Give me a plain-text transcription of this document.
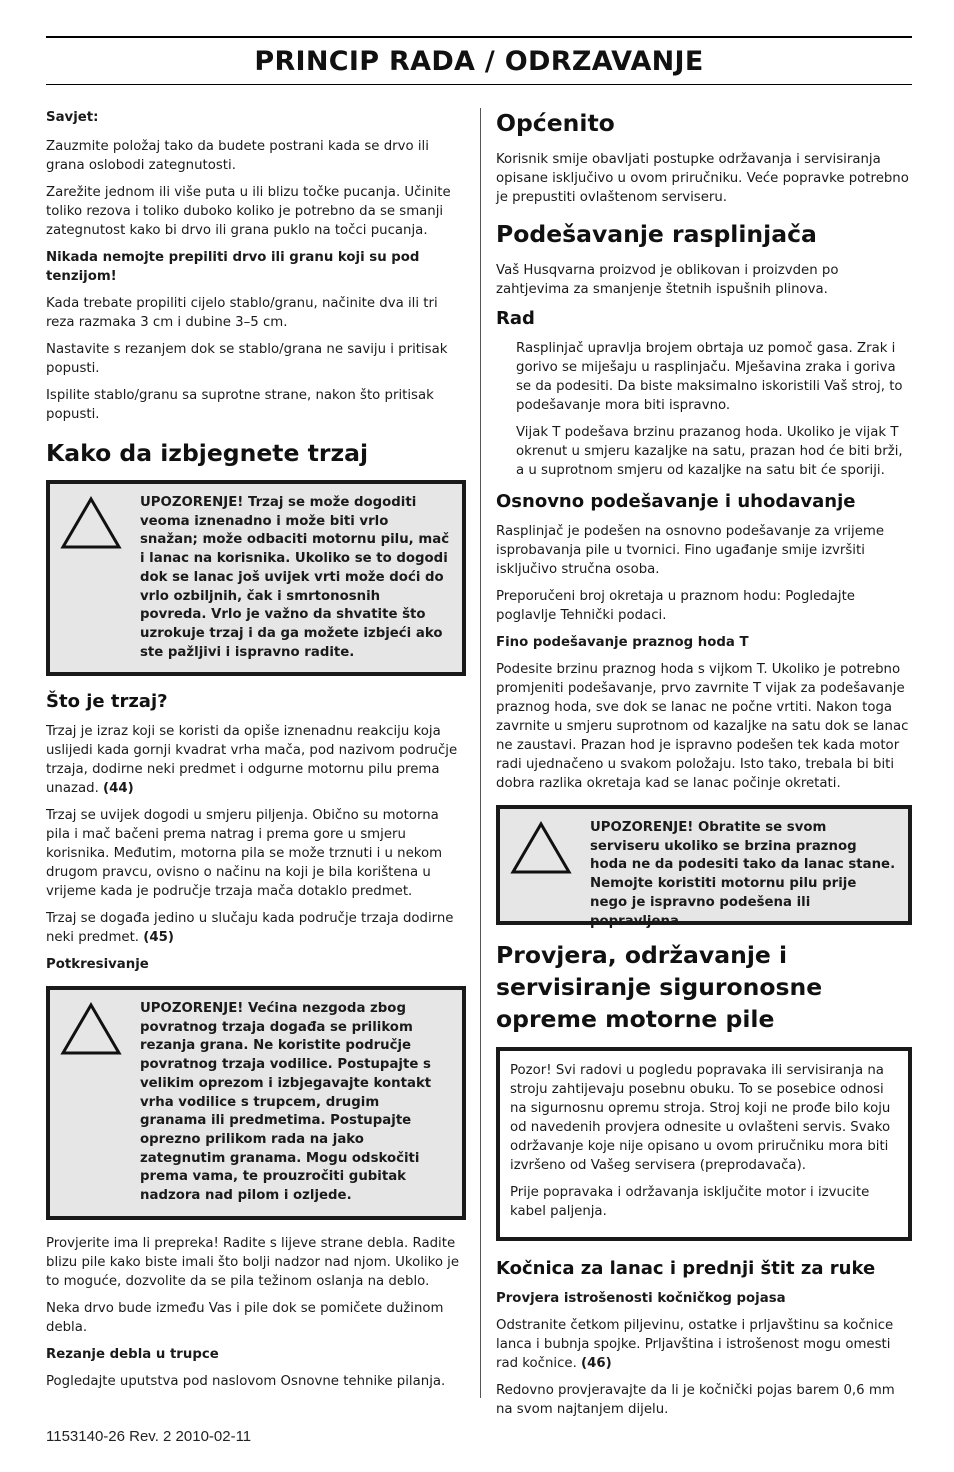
PRINCIP RADA / ODRZAVANJE

Savjet:

Zauzmite položaj tako da budete postrani kada se drvo ili grana oslobodi zategnutosti.

Zarežite jednom ili više puta u ili blizu točke pucanja. Učinite toliko rezova i toliko duboko koliko je potrebno da se smanji zategnutost kako bi drvo ili grana puklo na točci pucanja.

Nikada nemojte prepiliti drvo ili granu koji su pod tenzijom!

Kada trebate propiliti cijelo stablo/granu, načinite dva ili tri reza razmaka 3 cm i dubine 3–5 cm.

Nastavite s rezanjem dok se stablo/grana ne saviju i pritisak popusti.

Ispilite stablo/granu sa suprotne strane, nakon što pritisak popusti.

Kako da izbjegnete trzaj

UPOZORENJE! Trzaj se može dogoditi veoma iznenadno i može biti vrlo snažan; može odbaciti motornu pilu, mač i lanac na korisnika. Ukoliko se to dogodi dok se lanac još uvijek vrti može doći do vrlo ozbiljnih, čak i smrtonosnih povreda. Vrlo je važno da shvatite što uzrokuje trzaj i da ga možete izbjeći ako ste pažljivi i ispravno radite.

Što je trzaj?

Trzaj je izraz koji se koristi da opiše iznenadnu reakciju koja uslijedi kada gornji kvadrat vrha mača, pod nazivom područje trzaja, dodirne neki predmet i odgurne motornu pilu prema unazad. (44)

Trzaj se uvijek dogodi u smjeru piljenja. Obično su motorna pila i mač bačeni prema natrag i prema gore u smjeru korisnika. Međutim, motorna pila se može trznuti i u nekom drugom pravcu, ovisno o načinu na koji je bila korištena u vrijeme kada je područje trzaja mača dotaklo predmet.

Trzaj se događa jedino u slučaju kada područje trzaja dodirne neki predmet. (45)

Potkresivanje

UPOZORENJE! Većina nezgoda zbog povratnog trzaja događa se prilikom rezanja grana. Ne koristite područje povratnog trzaja vodilice. Postupajte s velikim oprezom i izbjegavajte kontakt vrha vodilice s trupcem, drugim granama ili predmetima. Postupajte oprezno prilikom rada na jako zategnutim granama. Mogu odskočiti prema vama, te prouzročiti gubitak nadzora nad pilom i ozljede.

Provjerite ima li prepreka! Radite s lijeve strane debla. Radite blizu pile kako biste imali što bolji nadzor nad njom. Ukoliko je to moguće, dozvolite da se pila težinom oslanja na deblo.

Neka drvo bude između Vas i pile dok se pomičete dužinom debla.

Rezanje debla u trupce

Pogledajte uputstva pod naslovom Osnovne tehnike pilanja.

Općenito

Korisnik smije obavljati postupke održavanja i servisiranja opisane isključivo u ovom priručniku. Veće popravke potrebno je prepustiti ovlaštenom serviseru.

Podešavanje rasplinjača

Vaš Husqvarna proizvod je oblikovan i proizvden po zahtjevima za smanjenje štetnih ispušnih plinova.

Rad

Rasplinjač upravlja brojem obrtaja uz pomoč gasa. Zrak i gorivo se miješaju u rasplinjaču. Mješavina zraka i goriva se da podesiti. Da biste maksimalno iskoristili Vaš stroj, to podešavanje mora biti ispravno.

Vijak T podešava brzinu prazanog hoda. Ukoliko je vijak T okrenut u smjeru kazaljke na satu, prazan hod će biti brži, a u suprotnom smjeru od kazaljke na satu bit će sporiji.

Osnovno podešavanje i uhodavanje

Rasplinjač je podešen na osnovno podešavanje za vrijeme isprobavanja pile u tvornici. Fino ugađanje smije izvršiti isključivo stručna osoba.

Preporučeni broj okretaja u praznom hodu: Pogledajte poglavlje Tehnički podaci.

Fino podešavanje praznog hoda T

Podesite brzinu praznog hoda s vijkom T. Ukoliko je potrebno promjeniti podešavanje, prvo zavrnite T vijak za podešavanje praznog hoda, sve dok se lanac ne počne vrtiti. Nakon toga zavrnite u smjeru suprotnom od kazaljke na satu dok se lanac ne zaustavi. Prazan hod je ispravno podešen tek kada motor radi ujednačeno u svakom položaju. Isto tako, trebala bi biti dobra razlika okretaja kad se lanac počinje okretati.

UPOZORENJE! Obratite se svom serviseru ukoliko se brzina praznog hoda ne da podesiti tako da lanac stane. Nemojte koristiti motornu pilu prije nego je ispravno podešena ili popravljena.

Provjera, održavanje i servisiranje siguronosne opreme motorne pile

Pozor! Svi radovi u pogledu popravaka ili servisiranja na stroju zahtijevaju posebnu obuku. To se posebice odnosi na sigurnosnu opremu stroja. Stroj koji ne prođe bilo koju od navedenih provjera odnesite u ovlašteni servis. Svako održavanje koje nije opisano u ovom priručniku mora biti izvršeno od Vašeg servisera (preprodavača).

Prije popravaka i održavanja isključite motor i izvucite kabel paljenja.

Kočnica za lanac i prednji štit za ruke

Provjera istrošenosti kočničkog pojasa

Odstranite četkom piljevinu, ostatke i prljavštinu sa kočnice lanca i bubnja spojke. Prljavština i istrošenost mogu omesti rad kočnice. (46)

Redovno provjeravajte da li je kočnički pojas barem 0,6 mm na svom najtanjem dijelu.

1153140-26 Rev. 2 2010-02-11
